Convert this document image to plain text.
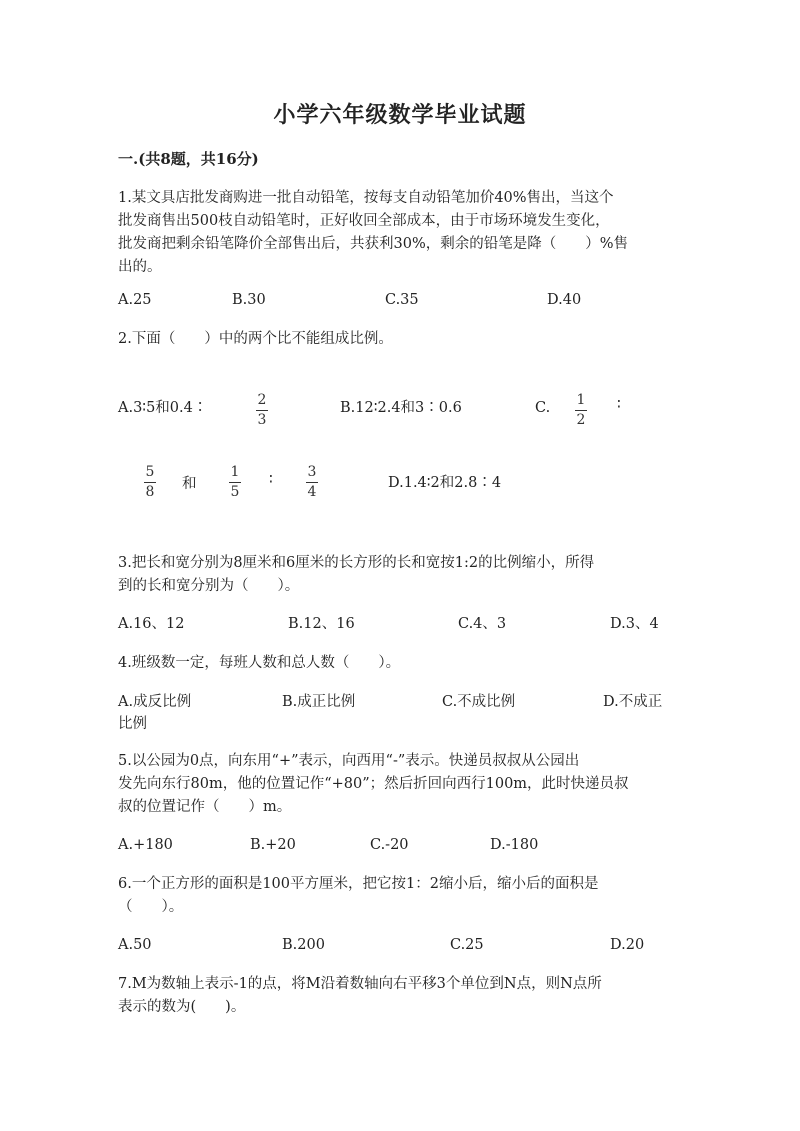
小学六年级数学毕业试题
一.(共8题，共16分)
1.某文具店批发商购进一批自动铅笔，按每支自动铅笔加价40%售出，当这个
批发商售出500枝自动铅笔时，正好收回全部成本，由于市场环境发生变化，
批发商把剩余铅笔降价全部售出后，共获利30%，剩余的铅笔是降（　　）%售
出的。
A.25	B.30	C.35	D.40
2.下面（　　）中的两个比不能组成比例。
A.3∶5和0.4∶	2
3
B.12∶2.4和3∶0.6	C. 1
2
∶
5
8 和
1
5
∶ 3
4
D.1.4∶2和2.8∶4
3.把长和宽分别为8厘米和6厘米的长方形的长和宽按1:2的比例缩小，所得
到的长和宽分别为（　　）。
A.16、12	B.12、16	C.4、3	D.3、4
4.班级数一定，每班人数和总人数（　　）。
A.成反比例	B.成正比例	C.不成比例	D.不成正
比例
5.以公园为0点，向东用“+”表示，向西用“-”表示。快递员叔叔从公园出
发先向东行80m，他的位置记作“+80”；然后折回向西行100m，此时快递员叔
叔的位置记作（　　）m。
A.+180	B.+20	C.-20	D.-180
6.一个正方形的面积是100平方厘米，把它按1：2缩小后，缩小后的面积是
（　　）。
A.50	B.200	C.25	D.20
7.M为数轴上表示-1的点，将M沿着数轴向右平移3个单位到N点，则N点所
表示的数为(　　)。
